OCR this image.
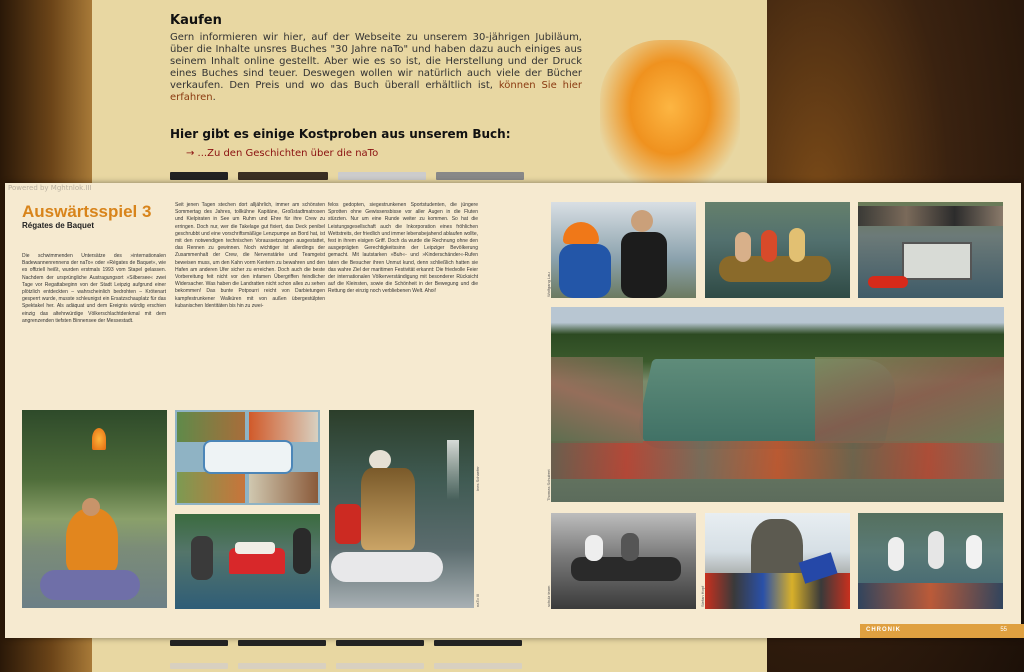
Kaufen

Gern informieren wir hier, auf der Webseite zu unserem 30-jährigen Jubiläum, über die Inhalte unsres Buches "30 Jahre naTo" und haben dazu auch einiges aus seinem Inhalt online gestellt. Aber wie es so ist, die Herstellung und der Druck eines Buches sind teuer. Deswegen wollen wir natürlich auch viele der Bücher verkaufen. Den Preis und wo das Buch überall erhältlich ist, können Sie hier erfahren.

Hier gibt es einige Kostproben aus unserem Buch:
→ ...Zu den Geschichten über die naTo
Powered by Mghtnlok.III
Auswärtsspiel 3
Régates de Baquet

Die schwimmenden Untersätze des »internationalen Badewannenrennens der naTo« oder »Régates de Baquet«, wie es offiziell heißt, wurden erstmals 1993 vom Stapel gelassen. Nachdem der ursprüngliche Austragungsort »Silbersee« zwei Tage vor Regattabeginn von der Stadt Leipzig aufgrund einer plötzlich entdeckten – wahrscheinlich bedrohten – Krötenart gesperrt wurde, musste schleunigst ein Ersatzschauplatz für das Spektakel her. Als adäquat und dem Ereignis würdig erschien einzig das altehrwürdige Völkerschlachtdenkmal mit dem angrenzenden tiefsten Binnensee der Messestadt.

Seit jenen Tagen stechen dort alljährlich, immer am schönsten Sommertag des Jahres, tollkühne Kapitäne, Großstadtmatrosen und Kielpiraten in See um Ruhm und Ehre für ihre Crew zu erringen. Doch nur, wer die Takelage gut fixiert, das Deck penibel geschrubbt und eine vorschriftsmäßige Lenzpumpe an Bord hat, ist mit den notwendigen technischen Voraussetzungen ausgestattet, das Rennen zu gewinnen. Noch wichtiger ist allerdings der Zusammenhalt der Crew, die Nervenstärke und Teamgeist beweisen muss, um den Kahn vorm Kentern zu bewahren und den Hafen am anderen Ufer sicher zu erreichen. Doch auch die beste Vorbereitung feit nicht vor den infamen Übergriffen feindlicher Widersacher. Was haben die Landratten nicht schon alles zu sehen bekommen! Das bunte Potpourri reicht von Darbietungen kampfestrunkener Walküren mit von außen übergestülpten kubanischen Identitäten bis hin zu zwei-

felos gedopten, siegestrunkenen Sportstudenten, die jüngere Sprotten ohne Gewissensbisse vor aller Augen in die Fluten stürzten. Nur um eine Runde weiter zu kommen. So hat die Leistungsgesellschaft auch die Inkorporation eines fröhlichen Wettstreits, der friedlich und immer lebensbejahend ablaufen wollte, fest in ihrem eisigen Griff. Doch da wurde die Rechnung ohne den ausgeprägten Gerechtigkeitssinn der Leipziger Bevölkerung gemacht. Mit lautstarken »Buh«- und »Kinderschänder«-Rufen taten die Besucher ihren Unmut kund, denn schließlich hatten sie das wahre Ziel der maritimen Festivität erkannt: Die friedvolle Feier der internationalen Völkerverständigung mit besonderer Rücksicht auf die Kleinsten, sowie die Schönheit in der Bewegung und die Rettung der einzig noch verbliebenen Welt. Ahoi!	Wolfgang Lau
Thomas Schubert
schulz team	Stefan Hopf
Ines Schaefer
naTo III
CHRONIK	55
